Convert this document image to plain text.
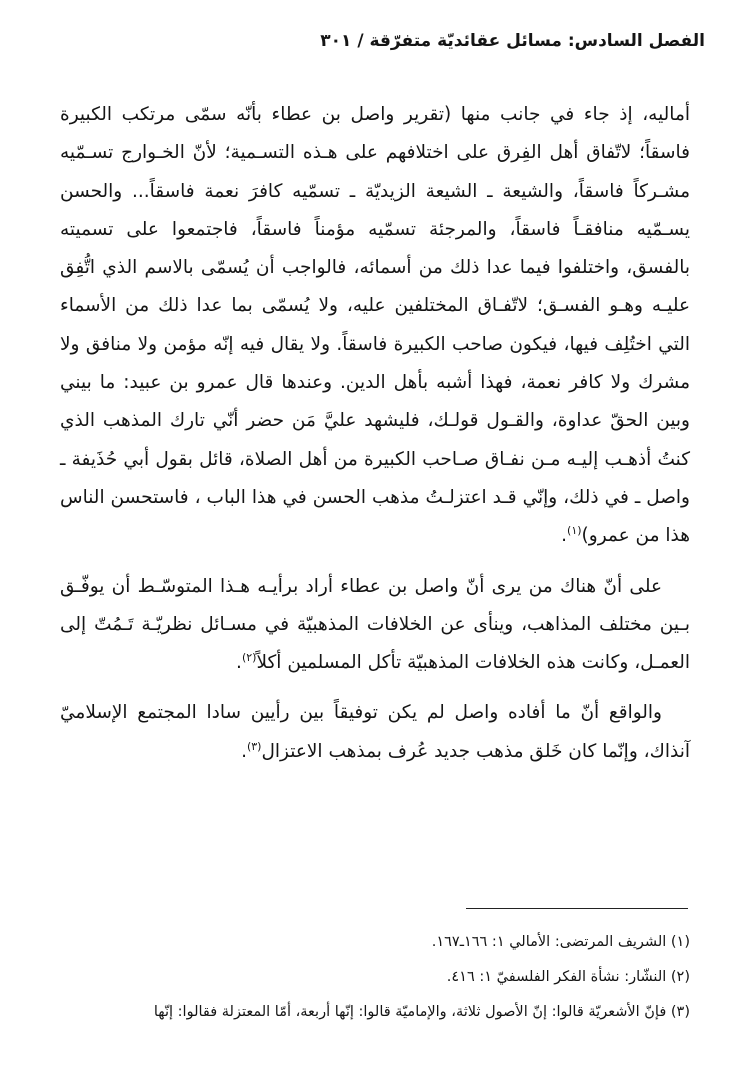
الفصل السادس: مسائل عقائديّة متفرّقة / ٣٠١

أماليه، إذ جاء في جانب منها (تقرير واصل بن عطاء بأنّه سمّى مرتكب الكبيرة فاسقاً؛ لاتّفاق أهل الفِرق على اختلافهم على هـذه التسـمية؛ لأنّ الخـوارج تسـمّيه مشـركاً فاسقاً، والشيعة ـ الشيعة الزيديّة ـ تسمّيه كافرَ نعمة فاسقاً... والحسن يسـمّيه منافقـاً فاسقاً، والمرجئة تسمّيه مؤمناً فاسقاً، فاجتمعوا على تسميته بالفسق، واختلفوا فيما عدا ذلك من أسمائه، فالواجب أن يُسمّى بالاسم الذي اتُّفِق عليـه وهـو الفسـق؛ لاتّفـاق المختلفين عليه، ولا يُسمّى بما عدا ذلك من الأسماء التي اختُلِف فيها، فيكون صاحب الكبيرة فاسقاً. ولا يقال فيه إنّه مؤمن ولا منافق ولا مشرك ولا كافر نعمة، فهذا أشبه بأهل الدين. وعندها قال عمرو بن عبيد: ما بيني وبين الحقّ عداوة، والقـول قولـك، فليشهد عليَّ مَن حضر أنّي تارك المذهب الذي كنتُ أذهـب إليـه مـن نفـاق صـاحب الكبيرة من أهل الصلاة، قائل بقول أبي حُذَيفة ـ واصل ـ في ذلك، وإنّي قـد اعتزلـتُ مذهب الحسن في هذا الباب ، فاستحسن الناس هذا من عمرو)$^{(١)}$.

على أنّ هناك من يرى أنّ واصل بن عطاء أراد برأيـه هـذا المتوسّـط أن يوفّـق بـين مختلف المذاهب، وينأى عن الخلافات المذهبيّة في مسـائل نظريّـة تَـمُتّ إلى العمـل، وكانت هذه الخلافات المذهبيّة تأكل المسلمين أكلاً$^{(٢)}$.

والواقع أنّ ما أفاده واصل لم يكن توفيقاً بين رأيين سادا المجتمع الإسلاميّ آنذاك، وإنّما كان خَلق مذهب جديد عُرف بمذهب الاعتزال$^{(٣)}$.

(١) الشريف المرتضى: الأمالي ١: ١٦٦ـ١٦٧.

(٢) النشّار: نشأة الفكر الفلسفيّ ١: ٤١٦.

(٣) فإنّ الأشعريّة قالوا: إنّ الأصول ثلاثة، والإماميّة قالوا: إنّها أربعة، أمّا المعتزلة فقالوا: إنّها
